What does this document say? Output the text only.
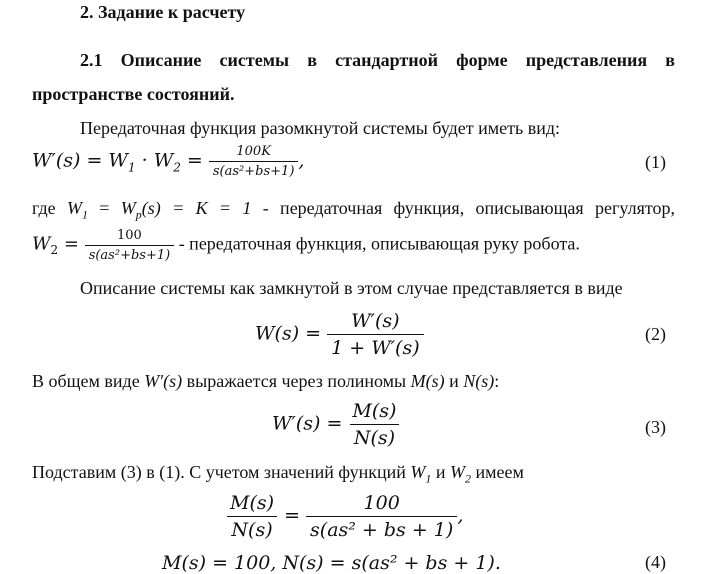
2. Задание к расчету
2.1 Описание системы в стандартной форме представления в
пространстве состояний.
Передаточная функция разомкнутой системы будет иметь вид:
$W'(s) = W_1 \cdot W_2 = \frac{100K}{\text{s(as²+bs+1)}}$ ,	(1)
где $W_1 = W_p(s) = K = 1$ - передаточная функция, описывающая регулятор,
$W_2 = \frac{100}{\text{s(as²+bs+1)}}$ - передаточная функция, описывающая руку робота.
Описание системы как замкнутой в этом случае представляется в виде
$W(s) = \frac{W'(s)}{1 + W'(s)}$	(2)
В общем виде W′(s) выражается через полиномы M(s) и N(s):
$W'(s) = \frac{M(s)}{N(s)}$	(3)
Подставим (3) в (1). С учетом значений функций $W_1$ и $W_2$ имеем
$\frac{M(s)}{N(s)} = \frac{100}{\text{s(as² + bs + 1)}}$ ,
M(s) = 100, N(s) = s(as² + bs + 1).	(4)
